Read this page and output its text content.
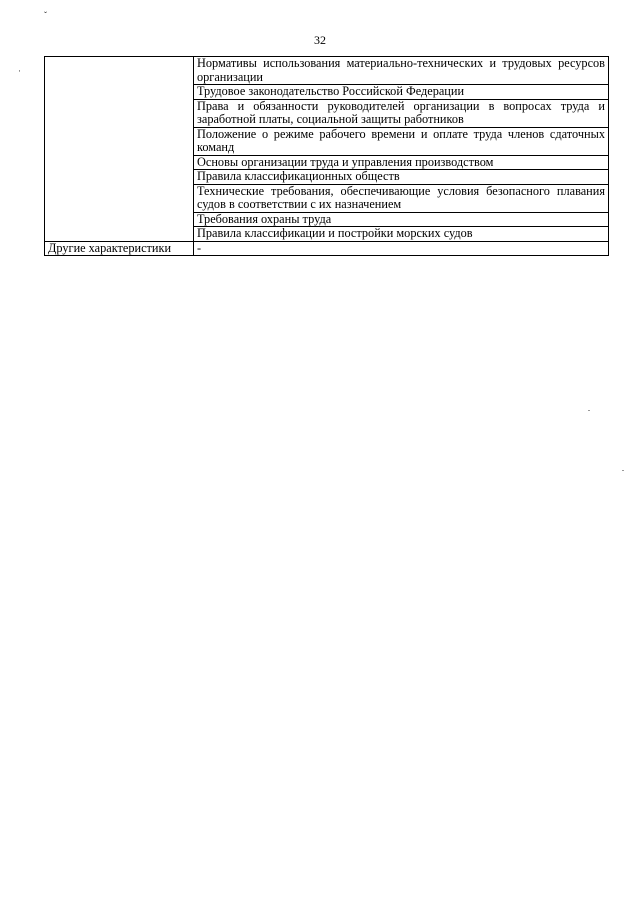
ˇ
·
32
	Нормативы использования материально-технических и трудовых ресурсов организации
	Трудовое законодательство Российской Федерации
	Права и обязанности руководителей организации в вопросах труда и заработной платы, социальной защиты работников
	Положение о режиме рабочего времени и оплате труда членов сдаточных команд
	Основы организации труда и управления производством
	Правила классификационных обществ
	Технические требования, обеспечивающие условия безопасного плавания судов в соответствии с их назначением
	Требования охраны труда
	Правила классификации и постройки морских судов
Другие характеристики	-
